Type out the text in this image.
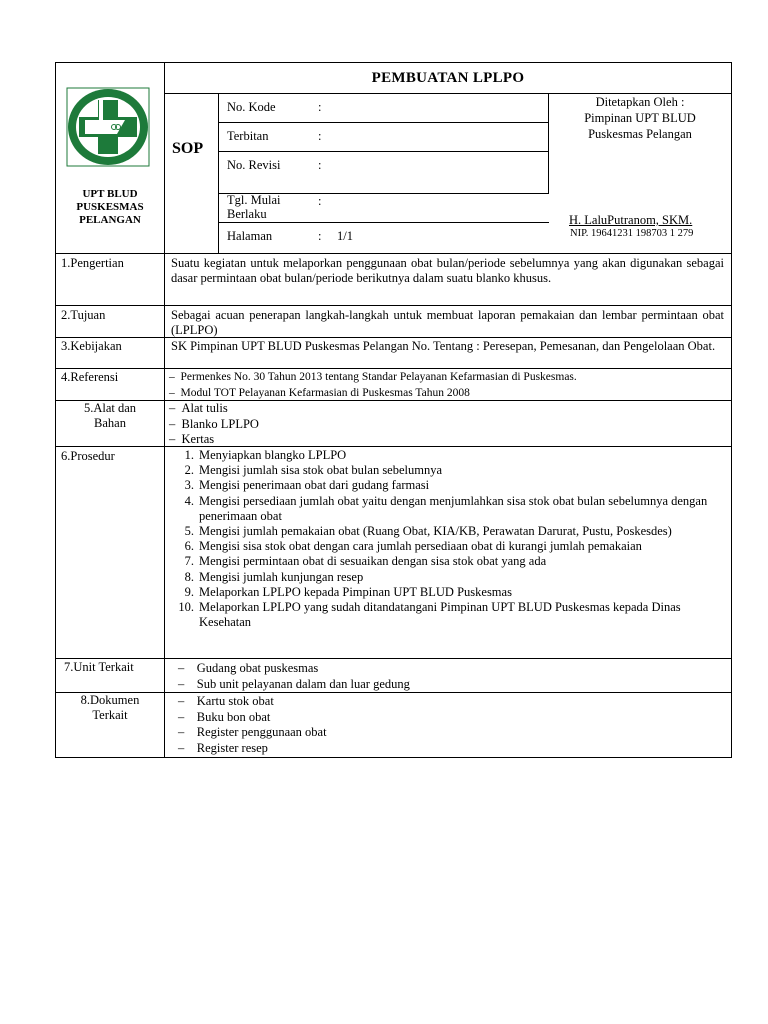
UPT BLUD
PUSKESMAS
PELANGAN
PEMBUATAN LPLPO
SOP
No. Kode	:
Terbitan	:
No. Revisi	:
Tgl. Mulai Berlaku
:
Halaman	: 1/1
Ditetapkan Oleh :
Pimpinan UPT BLUD
Puskesmas Pelangan
H. LaluPutranom, SKM.
NIP. 19641231 198703 1 279
1.Pengertian	Suatu kegiatan untuk melaporkan penggunaan obat bulan/periode sebelumnya yang akan digunakan sebagai dasar permintaan obat bulan/periode berikutnya dalam suatu blanko khusus.
2.Tujuan	Sebagai acuan penerapan langkah-langkah untuk membuat laporan pemakaian dan lembar permintaan obat (LPLPO)
3.Kebijakan	SK Pimpinan UPT BLUD Puskesmas Pelangan No. Tentang : Peresepan, Pemesanan, dan Pengelolaan Obat.
4.Referensi	–  Permenkes No. 30 Tahun 2013 tentang Standar Pelayanan Kefarmasian di Puskesmas.
–  Modul TOT Pelayanan Kefarmasian di Puskesmas Tahun 2008
5.Alat dan
Bahan
–  Alat tulis
–  Blanko LPLPO
–  Kertas
6.Prosedur	1. Menyiapkan blangko LPLPO
2. Mengisi jumlah sisa stok obat bulan sebelumnya
3. Mengisi penerimaan obat dari gudang farmasi
4. Mengisi persediaan jumlah obat yaitu dengan menjumlahkan sisa stok obat bulan sebelumnya dengan penerimaan obat
5. Mengisi jumlah pemakaian obat (Ruang Obat, KIA/KB, Perawatan Darurat, Pustu, Poskesdes)
6. Mengisi sisa stok obat dengan cara jumlah persediaan obat di kurangi jumlah pemakaian
7. Mengisi permintaan obat di sesuaikan dengan sisa stok obat yang ada
8. Mengisi jumlah kunjungan resep
9. Melaporkan LPLPO kepada Pimpinan UPT BLUD Puskesmas
10. Melaporkan LPLPO yang sudah ditandatangani Pimpinan UPT BLUD Puskesmas kepada Dinas Kesehatan
7.Unit Terkait	–    Gudang obat puskesmas
–    Sub unit pelayanan dalam dan luar gedung
8.Dokumen
Terkait
–    Kartu stok obat
–    Buku bon obat
–    Register penggunaan obat
–    Register resep
